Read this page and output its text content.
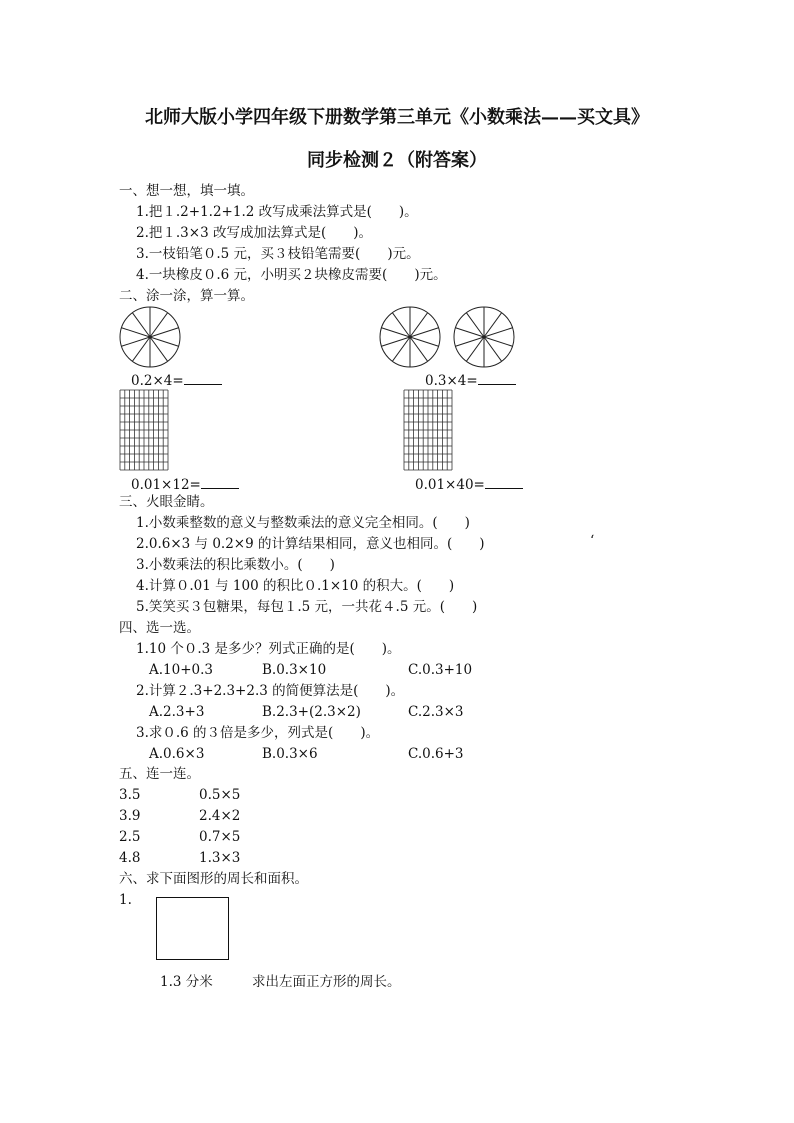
北师大版小学四年级下册数学第三单元《小数乘法——买文具》
同步检测２（附答案）
一、想一想，填一填。
1.把１.2+1.2+1.2 改写成乘法算式是(　　)。
2.把１.3×3 改写成加法算式是(　　)。
3.一枝铅笔０.5 元，买３枝铅笔需要(　　)元。
4.一块橡皮０.6 元，小明买２块橡皮需要(　　)元。
二、涂一涂，算一算。
0.2×4=	0.3×4=
0.01×12=	0.01×40=
三、火眼金睛。
1.小数乘整数的意义与整数乘法的意义完全相同。(　　)
2.0.6×3 与 0.2×9 的计算结果相同，意义也相同。(　　)	‘
3.小数乘法的积比乘数小。(　　)
4.计算０.01 与 100 的积比０.1×10 的积大。(　　)
5.笑笑买３包糖果，每包１.5 元，一共花４.5 元。(　　)
四、选一选。
1.10 个０.3 是多少？列式正确的是(　　)。
A.10+0.3	B.0.3×10	C.0.3+10
2.计算２.3+2.3+2.3 的简便算法是(　　)。
A.2.3+3	B.2.3+(2.3×2)	C.2.3×3
3.求０.6 的３倍是多少，列式是(　　)。
A.0.6×3	B.0.3×6	C.0.6+3
五、连一连。
3.5	0.5×5
3.9	2.4×2
2.5	0.7×5
4.8	1.3×3
六、求下面图形的周长和面积。
1.
1.3 分米	求出左面正方形的周长。
